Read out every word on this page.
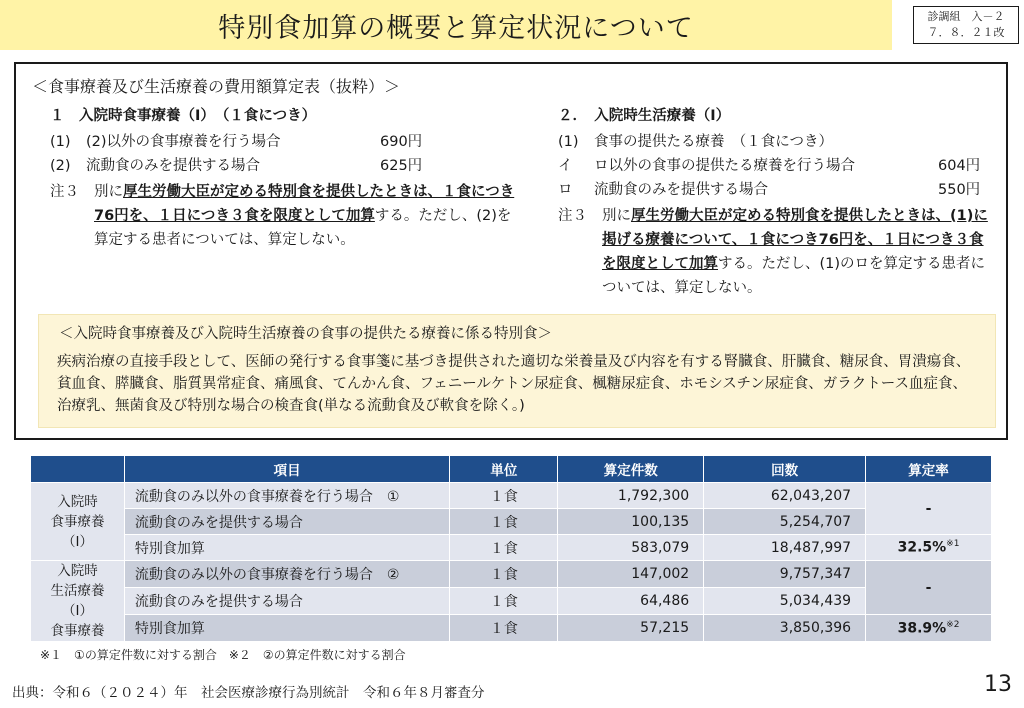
特別食加算の概要と算定状況について	診調組　入－２
７．８．２１改
＜食事療養及び生活療養の費用額算定表（抜粋）＞
１　入院時食事療養（Ⅰ）　（１食につき）
(1)	(2)以外の食事療養を行う場合	690円
(2)	流動食のみを提供する場合	625円
注３	別に厚生労働大臣が定める特別食を提供したときは、１食につき76円を、１日につき３食を限度として加算する。ただし、(2)を算定する患者については、算定しない。
２．　入院時生活療養（Ⅰ）
(1)	食事の提供たる療養　（１食につき）
イ	ロ以外の食事の提供たる療養を行う場合	604円
ロ	流動食のみを提供する場合	550円
注３	別に厚生労働大臣が定める特別食を提供したときは、(1)に掲げる療養について、１食につき76円を、１日につき３食を限度として加算する。ただし、(1)のロを算定する患者については、算定しない。
＜入院時食事療養及び入院時生活療養の食事の提供たる療養に係る特別食＞
疾病治療の直接手段として、医師の発行する食事箋に基づき提供された適切な栄養量及び内容を有する腎臓食、肝臓食、糖尿食、胃潰瘍食、貧血食、膵臓食、脂質異常症食、痛風食、てんかん食、フェニールケトン尿症食、楓糖尿症食、ホモシスチン尿症食、ガラクトース血症食、治療乳、無菌食及び特別な場合の検査食(単なる流動食及び軟食を除く。)
	項目	単位	算定件数	回数	算定率

入院時
食事療養
（Ⅰ）	流動食のみ以外の食事療養を行う場合　①	１食	1,792,300	62,043,207	-
	流動食のみを提供する場合	１食	100,135	5,254,707	
	特別食加算	１食	583,079	18,487,997	32.5%$^{※1}$

入院時
生活療養
（Ⅰ）
食事療養	流動食のみ以外の食事療養を行う場合　②	１食	147,002	9,757,347	-
	流動食のみを提供する場合	１食	64,486	5,034,439	
	特別食加算	１食	57,215	3,850,396	38.9%$^{※2}$
※１　①の算定件数に対する割合　※２　②の算定件数に対する割合
出典：令和６（２０２４）年　社会医療診療行為別統計　令和６年８月審査分	13
